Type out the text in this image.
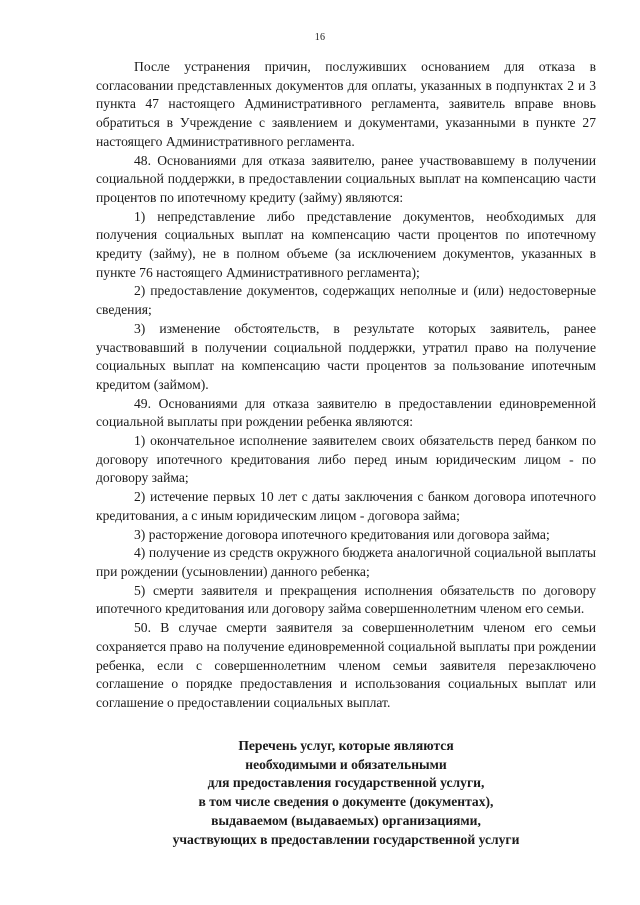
16

После устранения причин, послуживших основанием для отказа в согласовании представленных документов для оплаты, указанных в подпунктах 2 и 3 пункта 47 настоящего Административного регламента, заявитель вправе вновь обратиться в Учреждение с заявлением и документами, указанными в пункте 27 настоящего Административного регламента.

48. Основаниями для отказа заявителю, ранее участвовавшему в получении социальной поддержки, в предоставлении социальных выплат на компенсацию части процентов по ипотечному кредиту (займу) являются:

1) непредставление либо представление документов, необходимых для получения социальных выплат на компенсацию части процентов по ипотечному кредиту (займу), не в полном объеме (за исключением документов, указанных в пункте 76 настоящего Административного регламента);

2) предоставление документов, содержащих неполные и (или) недостоверные сведения;

3) изменение обстоятельств, в результате которых заявитель, ранее участвовавший в получении социальной поддержки, утратил право на получение социальных выплат на компенсацию части процентов за пользование ипотечным кредитом (займом).

49. Основаниями для отказа заявителю в предоставлении единовременной социальной выплаты при рождении ребенка являются:

1) окончательное исполнение заявителем своих обязательств перед банком по договору ипотечного кредитования либо перед иным юридическим лицом - по договору займа;

2) истечение первых 10 лет с даты заключения с банком договора ипотечного кредитования, а с иным юридическим лицом - договора займа;

3) расторжение договора ипотечного кредитования или договора займа;

4) получение из средств окружного бюджета аналогичной социальной выплаты при рождении (усыновлении) данного ребенка;

5) смерти заявителя и прекращения исполнения обязательств по договору ипотечного кредитования или договору займа совершеннолетним членом его семьи.

50. В случае смерти заявителя за совершеннолетним членом его семьи сохраняется право на получение единовременной социальной выплаты при рождении ребенка, если с совершеннолетним членом семьи заявителя перезаключено соглашение о порядке предоставления и использования социальных выплат или соглашение о предоставлении социальных выплат.

Перечень услуг, которые являются
необходимыми и обязательными
для предоставления государственной услуги,
в том числе сведения о документе (документах),
выдаваемом (выдаваемых) организациями,
участвующих в предоставлении государственной услуги
